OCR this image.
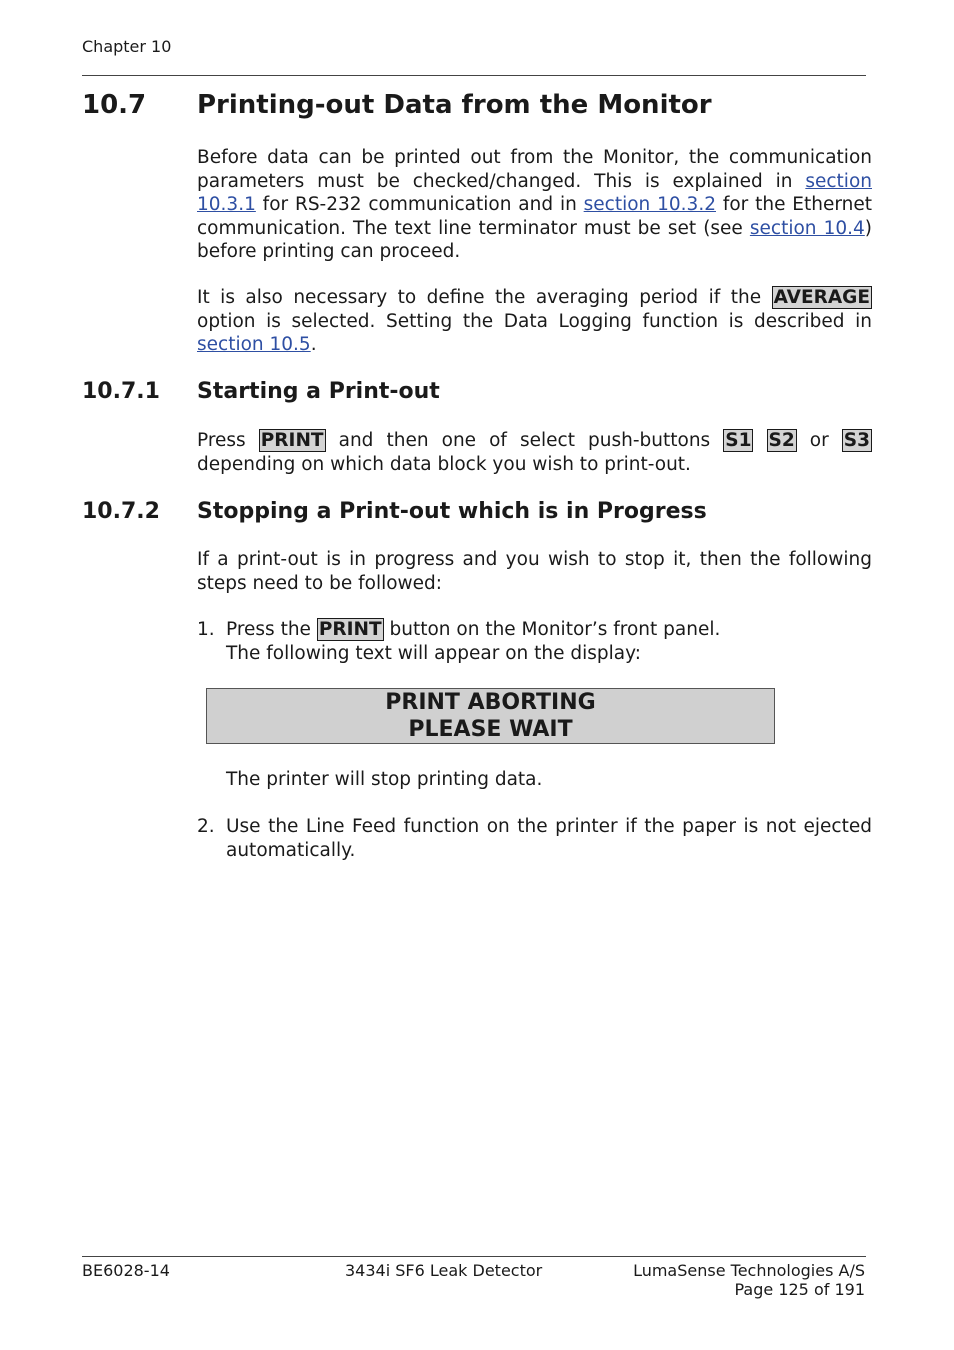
Chapter 10
10.7 Printing-out Data from the Monitor

Before data can be printed out from the Monitor, the communication parameters must be checked/changed. This is explained in section 10.3.1 for RS-232 communication and in section 10.3.2 for the Ethernet communication. The text line terminator must be set (see section 10.4) before printing can proceed.

It is also necessary to define the averaging period if the AVERAGE option is selected. Setting the Data Logging function is described in section 10.5.

10.7.1 Starting a Print-out

Press PRINT and then one of select push-buttons S1 S2 or S3 depending on which data block you wish to print-out.

10.7.2 Stopping a Print-out which is in Progress

If a print-out is in progress and you wish to stop it, then the following steps need to be followed:

1. Press the PRINT button on the Monitor’s front panel.
The following text will appear on the display:

PRINT ABORTING
PLEASE WAIT

The printer will stop printing data.

2. Use the Line Feed function on the printer if the paper is not ejected automatically.

BE6028-14	3434i SF6 Leak Detector	LumaSense Technologies A/S
Page 125 of 191
